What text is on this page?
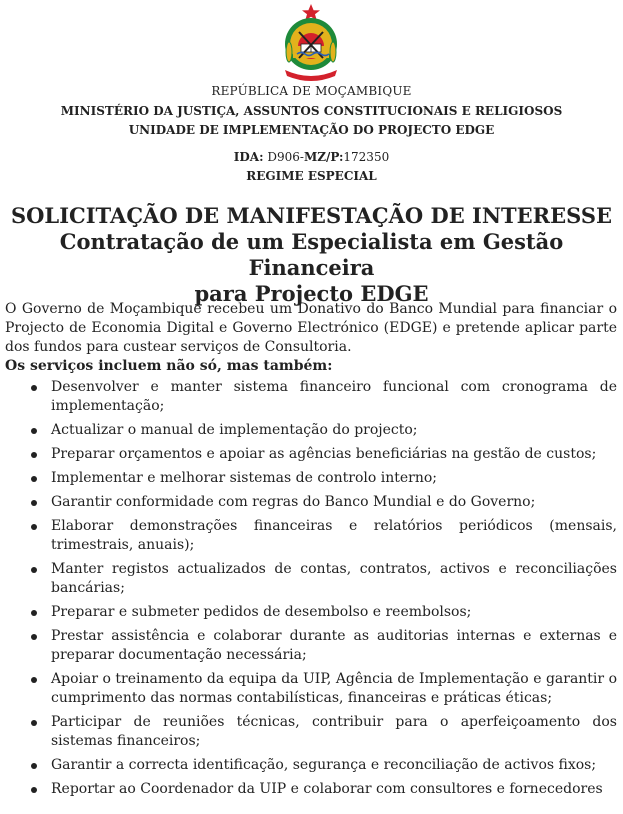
REPÚBLICA DE MOÇAMBIQUE
MINISTÉRIO DA JUSTIÇA, ASSUNTOS CONSTITUCIONAIS E RELIGIOSOS
UNIDADE DE IMPLEMENTAÇÃO DO PROJECTO EDGE
IDA: D906-MZ/P:172350
REGIME ESPECIAL
SOLICITAÇÃO DE MANIFESTAÇÃO DE INTERESSE
Contratação de um Especialista em Gestão Financeira
para Projecto EDGE

O Governo de Moçambique recebeu um Donativo do Banco Mundial para financiar o Projecto de Economia Digital e Governo Electrónico (EDGE) e pretende aplicar parte dos fundos para custear serviços de Consultoria.

Os serviços incluem não só, mas também:

Desenvolver e manter sistema financeiro funcional com cronograma de implementação;
Actualizar o manual de implementação do projecto;
Preparar orçamentos e apoiar as agências beneficiárias na gestão de custos;
Implementar e melhorar sistemas de controlo interno;
Garantir conformidade com regras do Banco Mundial e do Governo;
Elaborar demonstrações financeiras e relatórios periódicos (mensais, trimestrais, anuais);
Manter registos actualizados de contas, contratos, activos e reconciliações bancárias;
Preparar e submeter pedidos de desembolso e reembolsos;
Prestar assistência e colaborar durante as auditorias internas e externas e preparar documentação necessária;
Apoiar o treinamento da equipa da UIP, Agência de Implementação e garantir o cumprimento das normas contabilísticas, financeiras e práticas éticas;
Participar de reuniões técnicas, contribuir para o aperfeiçoamento dos sistemas financeiros;
Garantir a correcta identificação, segurança e reconciliação de activos fixos;
Reportar ao Coordenador da UIP e colaborar com consultores e fornecedores
